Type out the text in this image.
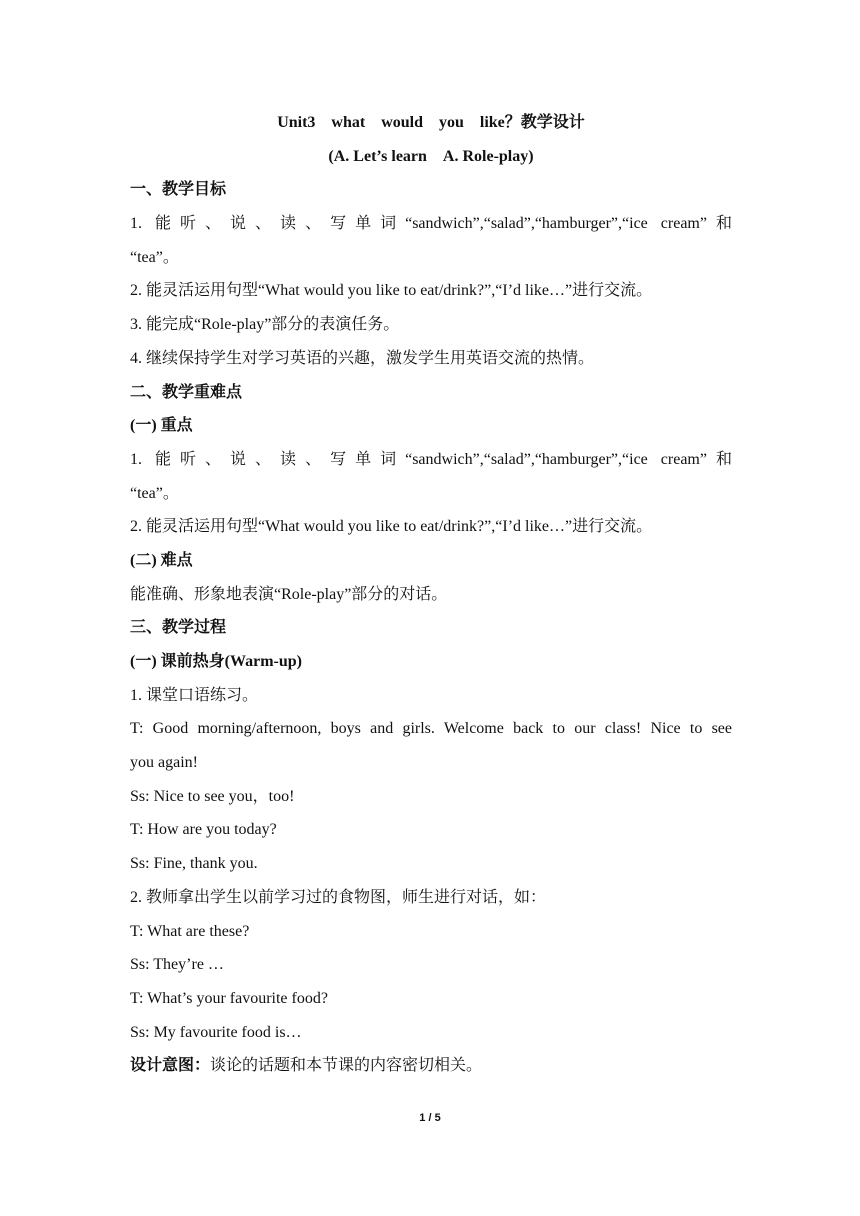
Unit3　what　would　you　like？教学设计
(A. Let’s learn　A. Role-play)
一、教学目标
1. 能听、说、读、写单词“sandwich”,“salad”,“hamburger”,“ice cream”和
“tea”。
2. 能灵活运用句型“What would you like to eat/drink?”,“I’d like…”进行交流。
3. 能完成“Role-play”部分的表演任务。
4. 继续保持学生对学习英语的兴趣，激发学生用英语交流的热情。
二、教学重难点
(一) 重点
1. 能听、说、读、写单词“sandwich”,“salad”,“hamburger”,“ice cream”和
“tea”。
2. 能灵活运用句型“What would you like to eat/drink?”,“I’d like…”进行交流。
(二) 难点
能准确、形象地表演“Role-play”部分的对话。
三、教学过程
(一) 课前热身(Warm-up)
1. 课堂口语练习。
T: Good morning/afternoon, boys and girls. Welcome back to our class! Nice to see
you again!
Ss: Nice to see you，too!
T: How are you today?
Ss: Fine, thank you.
2. 教师拿出学生以前学习过的食物图，师生进行对话，如：
T: What are these?
Ss: They’re …
T: What’s your favourite food?
Ss: My favourite food is…
设计意图：谈论的话题和本节课的内容密切相关。
1 / 5
